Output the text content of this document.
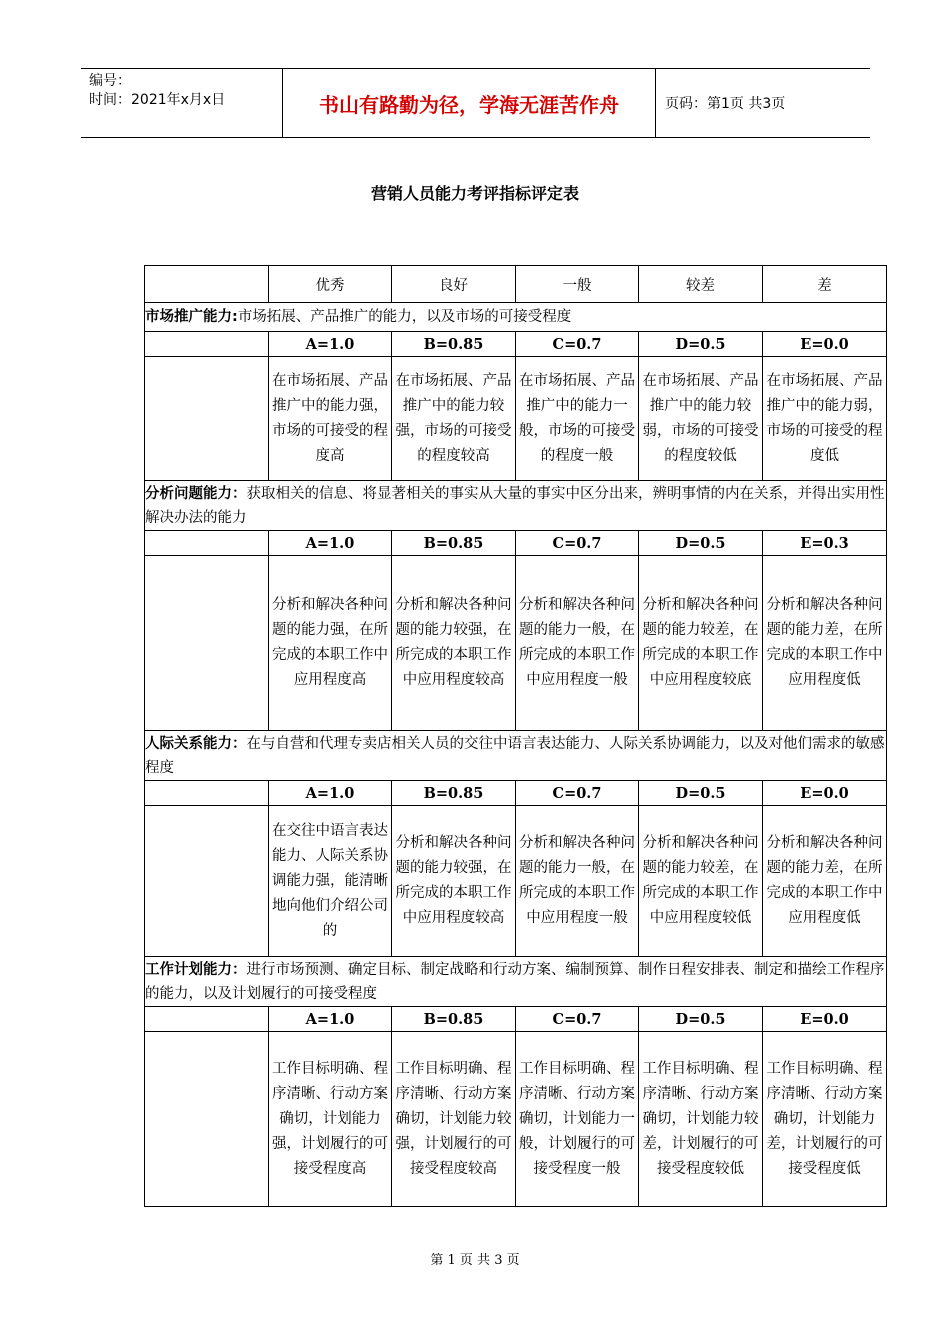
编号：
时间：2021年x月x日	书山有路勤为径，学海无涯苦作舟	页码：第1页 共3页
营销人员能力考评指标评定表
	优秀	良好	一般	较差	差
市场推广能力:市场拓展、产品推广的能力，以及市场的可接受程度					
	A=1.0	B=0.85	C=0.7	D=0.5	E=0.0
	在市场拓展、产品推广中的能力强，市场的可接受的程度高	在市场拓展、产品推广中的能力较强，市场的可接受的程度较高	在市场拓展、产品推广中的能力一般，市场的可接受的程度一般	在市场拓展、产品推广中的能力较弱，市场的可接受的程度较低	在市场拓展、产品推广中的能力弱，市场的可接受的程度低
分析问题能力：获取相关的信息、将显著相关的事实从大量的事实中区分出来，辨明事情的内在关系，并得出实用性解决办法的能力					
	A=1.0	B=0.85	C=0.7	D=0.5	E=0.3
	分析和解决各种问题的能力强，在所完成的本职工作中应用程度高	分析和解决各种问题的能力较强，在所完成的本职工作中应用程度较高	分析和解决各种问题的能力一般，在所完成的本职工作中应用程度一般	分析和解决各种问题的能力较差，在所完成的本职工作中应用程度较底	分析和解决各种问题的能力差，在所完成的本职工作中应用程度低
人际关系能力：在与自营和代理专卖店相关人员的交往中语言表达能力、人际关系协调能力，以及对他们需求的敏感程度					
	A=1.0	B=0.85	C=0.7	D=0.5	E=0.0
	在交往中语言表达能力、人际关系协调能力强，能清晰地向他们介绍公司的	分析和解决各种问题的能力较强，在所完成的本职工作中应用程度较高	分析和解决各种问题的能力一般，在所完成的本职工作中应用程度一般	分析和解决各种问题的能力较差，在所完成的本职工作中应用程度较低	分析和解决各种问题的能力差，在所完成的本职工作中应用程度低
工作计划能力：进行市场预测、确定目标、制定战略和行动方案、编制预算、制作日程安排表、制定和描绘工作程序的能力，以及计划履行的可接受程度					
	A=1.0	B=0.85	C=0.7	D=0.5	E=0.0
	工作目标明确、程序清晰、行动方案确切，计划能力强，计划履行的可接受程度高	工作目标明确、程序清晰、行动方案确切，计划能力较强，计划履行的可接受程度较高	工作目标明确、程序清晰、行动方案确切，计划能力一般，计划履行的可接受程度一般	工作目标明确、程序清晰、行动方案确切，计划能力较差，计划履行的可接受程度较低	工作目标明确、程序清晰、行动方案确切，计划能力差，计划履行的可接受程度低
第 1 页 共 3 页
